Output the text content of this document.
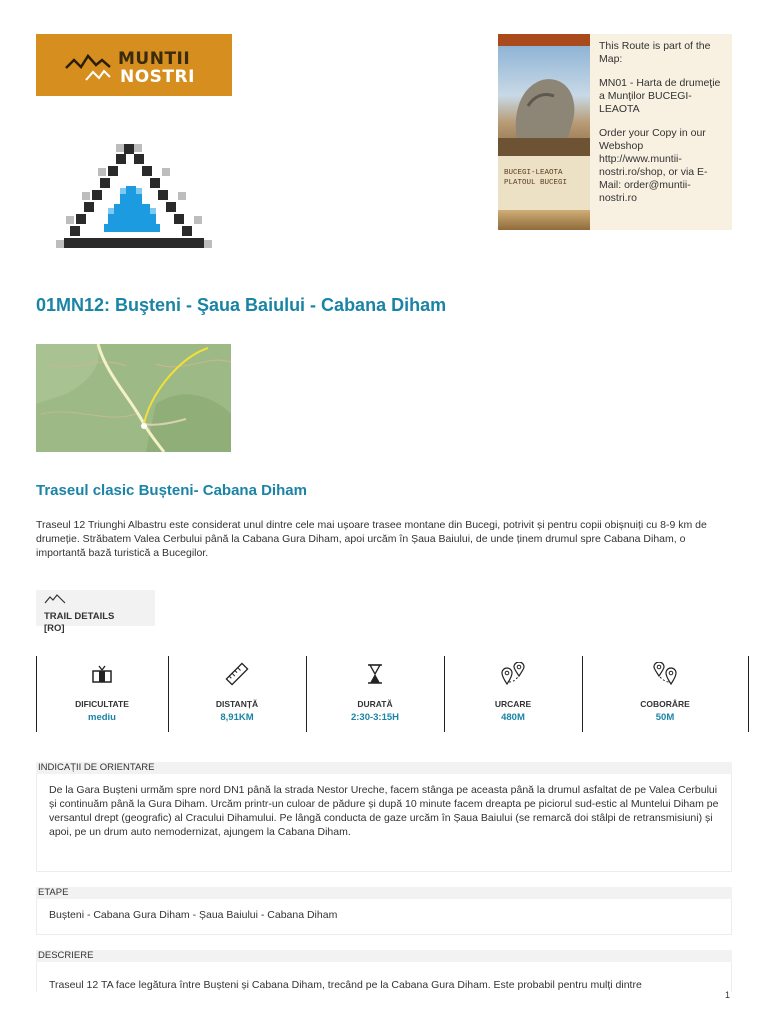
MUNTII
NOSTRI
BUCEGI-LEAOTA
PLATOUL BUCEGI

This Route is part of the Map:

MN01 - Harta de drumeţie a Munţilor BUCEGI-LEAOTA

Order your Copy in our Webshop http://www.muntii-nostri.ro/shop, or via E-Mail: order@muntii-nostri.ro

01MN12: Buşteni - Şaua Baiului - Cabana Diham
Traseul clasic Bușteni- Cabana Diham

Traseul 12 Triunghi Albastru este considerat unul dintre cele mai ușoare trasee montane din Bucegi, potrivit și pentru copii obișnuiți cu 8-9 km de drumeție. Străbatem Valea Cerbului până la Cabana Gura Diham, apoi urcăm în Șaua Baiului, de unde ținem drumul spre Cabana Diham, o importantă bază turistică a Bucegilor.

TRAIL DETAILS
[RO]
DIFICULTATE
mediu
DISTANȚĂ
8,91KM
DURATĂ
2:30-3:15H
URCARE
480M
COBORÂRE
50M
INDICAȚII DE ORIENTARE

De la Gara Bușteni urmăm spre nord DN1 până la strada Nestor Ureche, facem stânga pe aceasta până la drumul asfaltat de pe Valea Cerbului și continuăm până la Gura Diham. Urcăm printr-un culoar de pădure și după 10 minute facem dreapta pe piciorul sud-estic al Muntelui Diham pe versantul drept (geografic) al Cracului Dihamului. Pe lângă conducta de gaze urcăm în Șaua Baiului (se remarcă doi stâlpi de retransmisiuni) și apoi, pe un drum auto nemodernizat, ajungem la Cabana Diham.

ETAPE

Bușteni - Cabana Gura Diham - Șaua Baiului - Cabana Diham

DESCRIERE

Traseul 12 TA face legătura între Bușteni și Cabana Diham, trecând pe la Cabana Gura Diham. Este probabil pentru mulți dintre

1
